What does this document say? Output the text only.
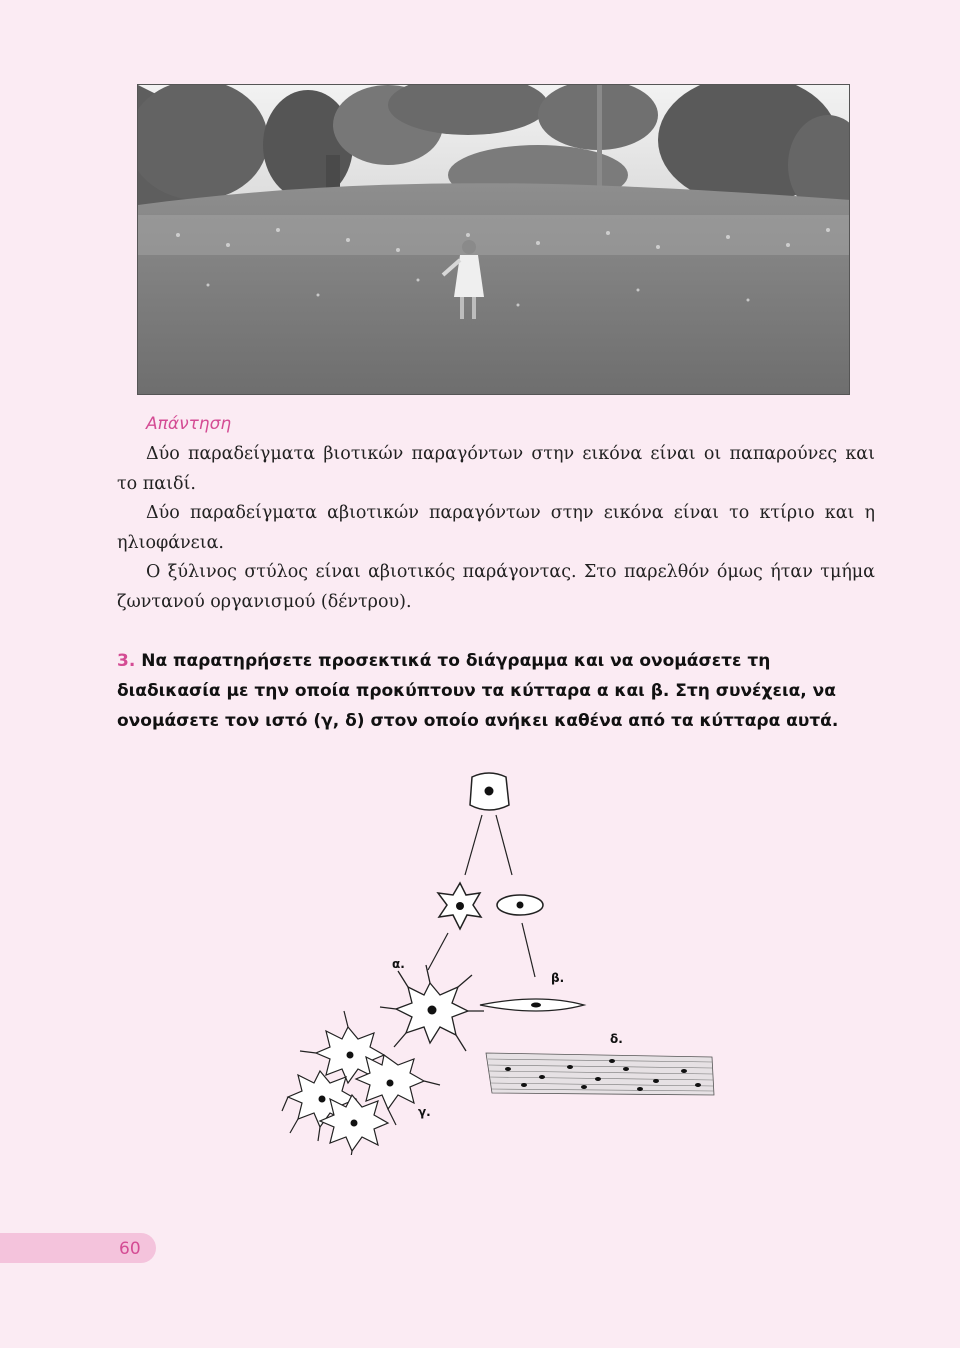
Απάντηση

Δύο παραδείγματα βιοτικών παραγόντων στην εικόνα είναι οι παπαρούνες και το παιδί.

Δύο παραδείγματα αβιοτικών παραγόντων στην εικόνα είναι το κτίριο και η ηλιοφάνεια.

Ο ξύλινος στύλος είναι αβιοτικός παράγοντας. Στο παρελθόν όμως ήταν τμήμα ζωντανού οργανισμού (δέντρου).

3. Να παρατηρήσετε προσεκτικά το διάγραμμα και να ονομάσετε τη διαδικασία με την οποία προκύπτουν τα κύτταρα α και β. Στη συνέχεια, να ονομάσετε τον ιστό (γ, δ) στον οποίο ανήκει καθένα από τα κύτταρα αυτά.
α.
β.
δ.
γ.
60
